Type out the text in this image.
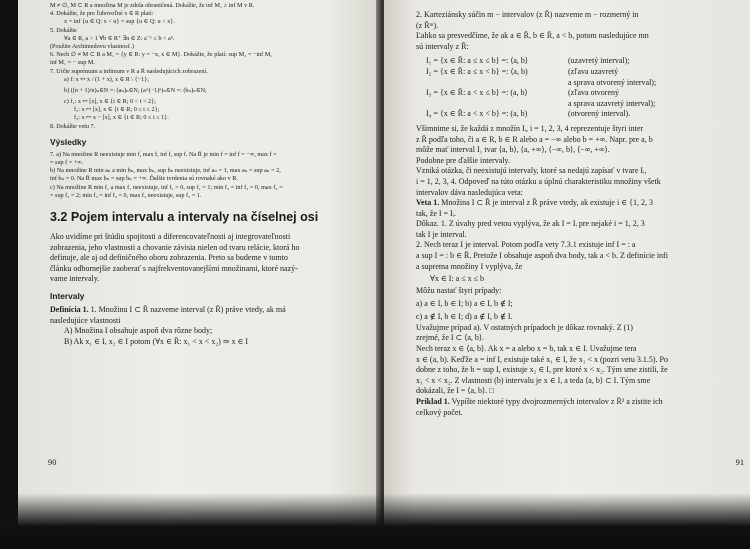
M ≠ ∅, M ⊂ R a množina M je zdola ohraničená. Dokážte, že inf M₁ ≥ inf M v R.

4. Dokážte, že pre ľubovoľné x ∈ R platí:

x = inf {u ∈ Q: x < u} = sup {u ∈ Q: u < x}.

5. Dokážte

∀a ∈ R, a > 1 ∀b ∈ R⁺ ∃n ∈ Z: a⁻¹ ≤ b < aⁿ.

(Použite Archimedovu vlastnosť.)

6. Nech ∅ ≠ M ⊂ R a M₁ = {y ∈ R: y = −x, x ∈ M}. Dokážte, že platí: sup M₁ = −inf M,

inf M₁ = − sup M.

7. Určte suprémum a infimum v R a R̄ nasledujúcich zobrazení.

a) f: x ↦ x / (1 + x), x ∈ R \ {−1};

b) ((n + 1)/n)ₙ∈N =: (aₙ)ₙ∈N, (a^(−1)ⁿ)ₙ∈N =: (bₙ)ₙ∈N;

c) f₁: x ↦ [x], x ∈ {t ∈ R; 0 < t < 2};

f₂: x ↦ [x], x ∈ {t ∈ R; 0 ≤ t ≤ 2};

f₃: x ↦ x − [x], x ∈ {t ∈ R; 0 ≤ t ≤ 1}.

8. Dokážte vetu 7.

Výsledky

7. a) Na množine R neexistuje min f, max f, inf f, sup f. Na R̄ je min f = inf f = −∞, max f =

= sup f = +∞.

b) Na množine R min aₙ a min bₙ, max bₙ, sup bₙ neexistuje, inf aₙ = 1, max aₙ = sup aₙ = 2,

inf bₙ = 0. Na R̄ max bₙ = sup bₙ = +∞. Ďalšie tvrdenia sú rovnaké ako v R.

c) Na množine R min f₁ a max f₁ neexistuje, inf f₁ = 0, sup f₁ = 1; min f₂ = inf f₂ = 0, max f₂ =

= sup f₂ = 2; min f₃ = inf f₃ = 0, max f₃ neexistuje, sup f₃ = 1.

3.2 Pojem intervalu a intervaly na číselnej osi

Ako uvidíme pri štúdiu spojitosti a diferencovateľnosti aj integrovateľnosti

zobrazenia, jeho vlastnosti a chovanie závisia nielen od tvaru relácie, ktorá ho

definuje, ale aj od definičného oboru zobrazenia. Preto sa budeme v tomto

článku odbornejšie zaoberať s najfrekventovanejšími množinami, ktoré nazý-

vame intervaly.

Intervaly

Definícia 1. 1. Množinu I ⊂ R̄ nazveme interval (z R̄) práve vtedy, ak má

nasledujúce vlastnosti

A) Množina I obsahuje aspoň dva rôzne body;

B) Ak x₁ ∈ I, x₂ ∈ I potom (∀x ∈ R̄: x₁ < x < x₂) ⇒ x ∈ I

90

2. Karteziánsky súčin m − intervalov (z R̄) nazveme m − rozmerný in

(z R̄ᵐ).

Ľahko sa presvedčíme, že ak a ∈ R̄, b ∈ R̄, a < b, potom nasledujúce mn

sú intervaly z R̄:

I₁ = {x ∈ R̄: a ≤ x ≤ b} =: ⟨a, b⟩	(uzavretý interval);

I₂ = {x ∈ R̄: a ≤ x < b} =: ⟨a, b)	(zľava uzavretý

a sprava otvorený interval);

I₃ = {x ∈ R̄: a < x ≤ b} =: (a, b⟩	(zľava otvorený

a sprava uzavretý interval);

I₄ = {x ∈ R̄: a < x < b} =: (a, b)	(otvorený interval).

Všimnime si, že každá z množín Iᵢ, i = 1, 2, 3, 4 reprezentuje štyri inter

z R̄ podľa toho, či a ∈ R, b ∈ R alebo a = −∞ alebo b = +∞. Napr. pre a, b

môže mať interval I₁ tvar ⟨a, b⟩, ⟨a, +∞⟩, ⟨−∞, b⟩, ⟨−∞, +∞⟩.

Podobne pre ďalšie intervaly.

Vzniká otázka, či neexistujú intervaly, ktoré sa nedajú zapísať v tvare Iᵢ,

i = 1, 2, 3, 4. Odpoveď na túto otázku a úplnú charakteristiku množiny všetk

intervalov dáva nasledujúca veta:

Veta 1. Množina I ⊂ R̄ je interval z R̄ práve vtedy, ak existuje i ∈ {1, 2, 3

tak, že I = Iᵢ.

Dôkaz. 1. Z úvahy pred vetou vyplýva, že ak I = Iᵢ pre nejaké i = 1, 2, 3

tak I je interval.

2. Nech teraz I je interval. Potom podľa vety 7.3.1 existuje inf I = : a

a sup I = : b ∈ R̄. Pretože I obsahuje aspoň dva body, tak a < b. Z definície infi

a suprema množiny I vyplýva, že

∀x ∈ I: a ≤ x ≤ b

Môžu nastať štyri prípady:

a) a ∈ I, b ∈ I; b) a ∈ I, b ∉ I;

c) a ∉ I, b ∈ I; d) a ∉ I, b ∉ I.

Uvažujme prípad a). V ostatných prípadoch je dôkaz rovnaký. Z (1)

zrejmé, že I ⊂ ⟨a, b⟩.

Nech teraz x ∈ ⟨a, b⟩. Ak x = a alebo x = b, tak x ∈ I. Uvažujme tera

x ∈ (a, b). Keďže a = inf I, existuje také x₁ ∈ I, že x₁ < x (pozri vetu 3.1.5). Po

dobne z toho, že b = sup I, existuje x₂ ∈ I, pre ktoré x < x₂. Tým sme zistili, že

x₁ < x < x₂. Z vlastnosti (b) intervalu je x ∈ I, a teda ⟨a, b⟩ ⊂ I. Tým sme

dokázali, že I = ⟨a, b⟩. □

Príklad 1. Vypíšte niektoré typy dvojrozmerných intervalov z R̄² a zistite ich

celkový počet.

91
